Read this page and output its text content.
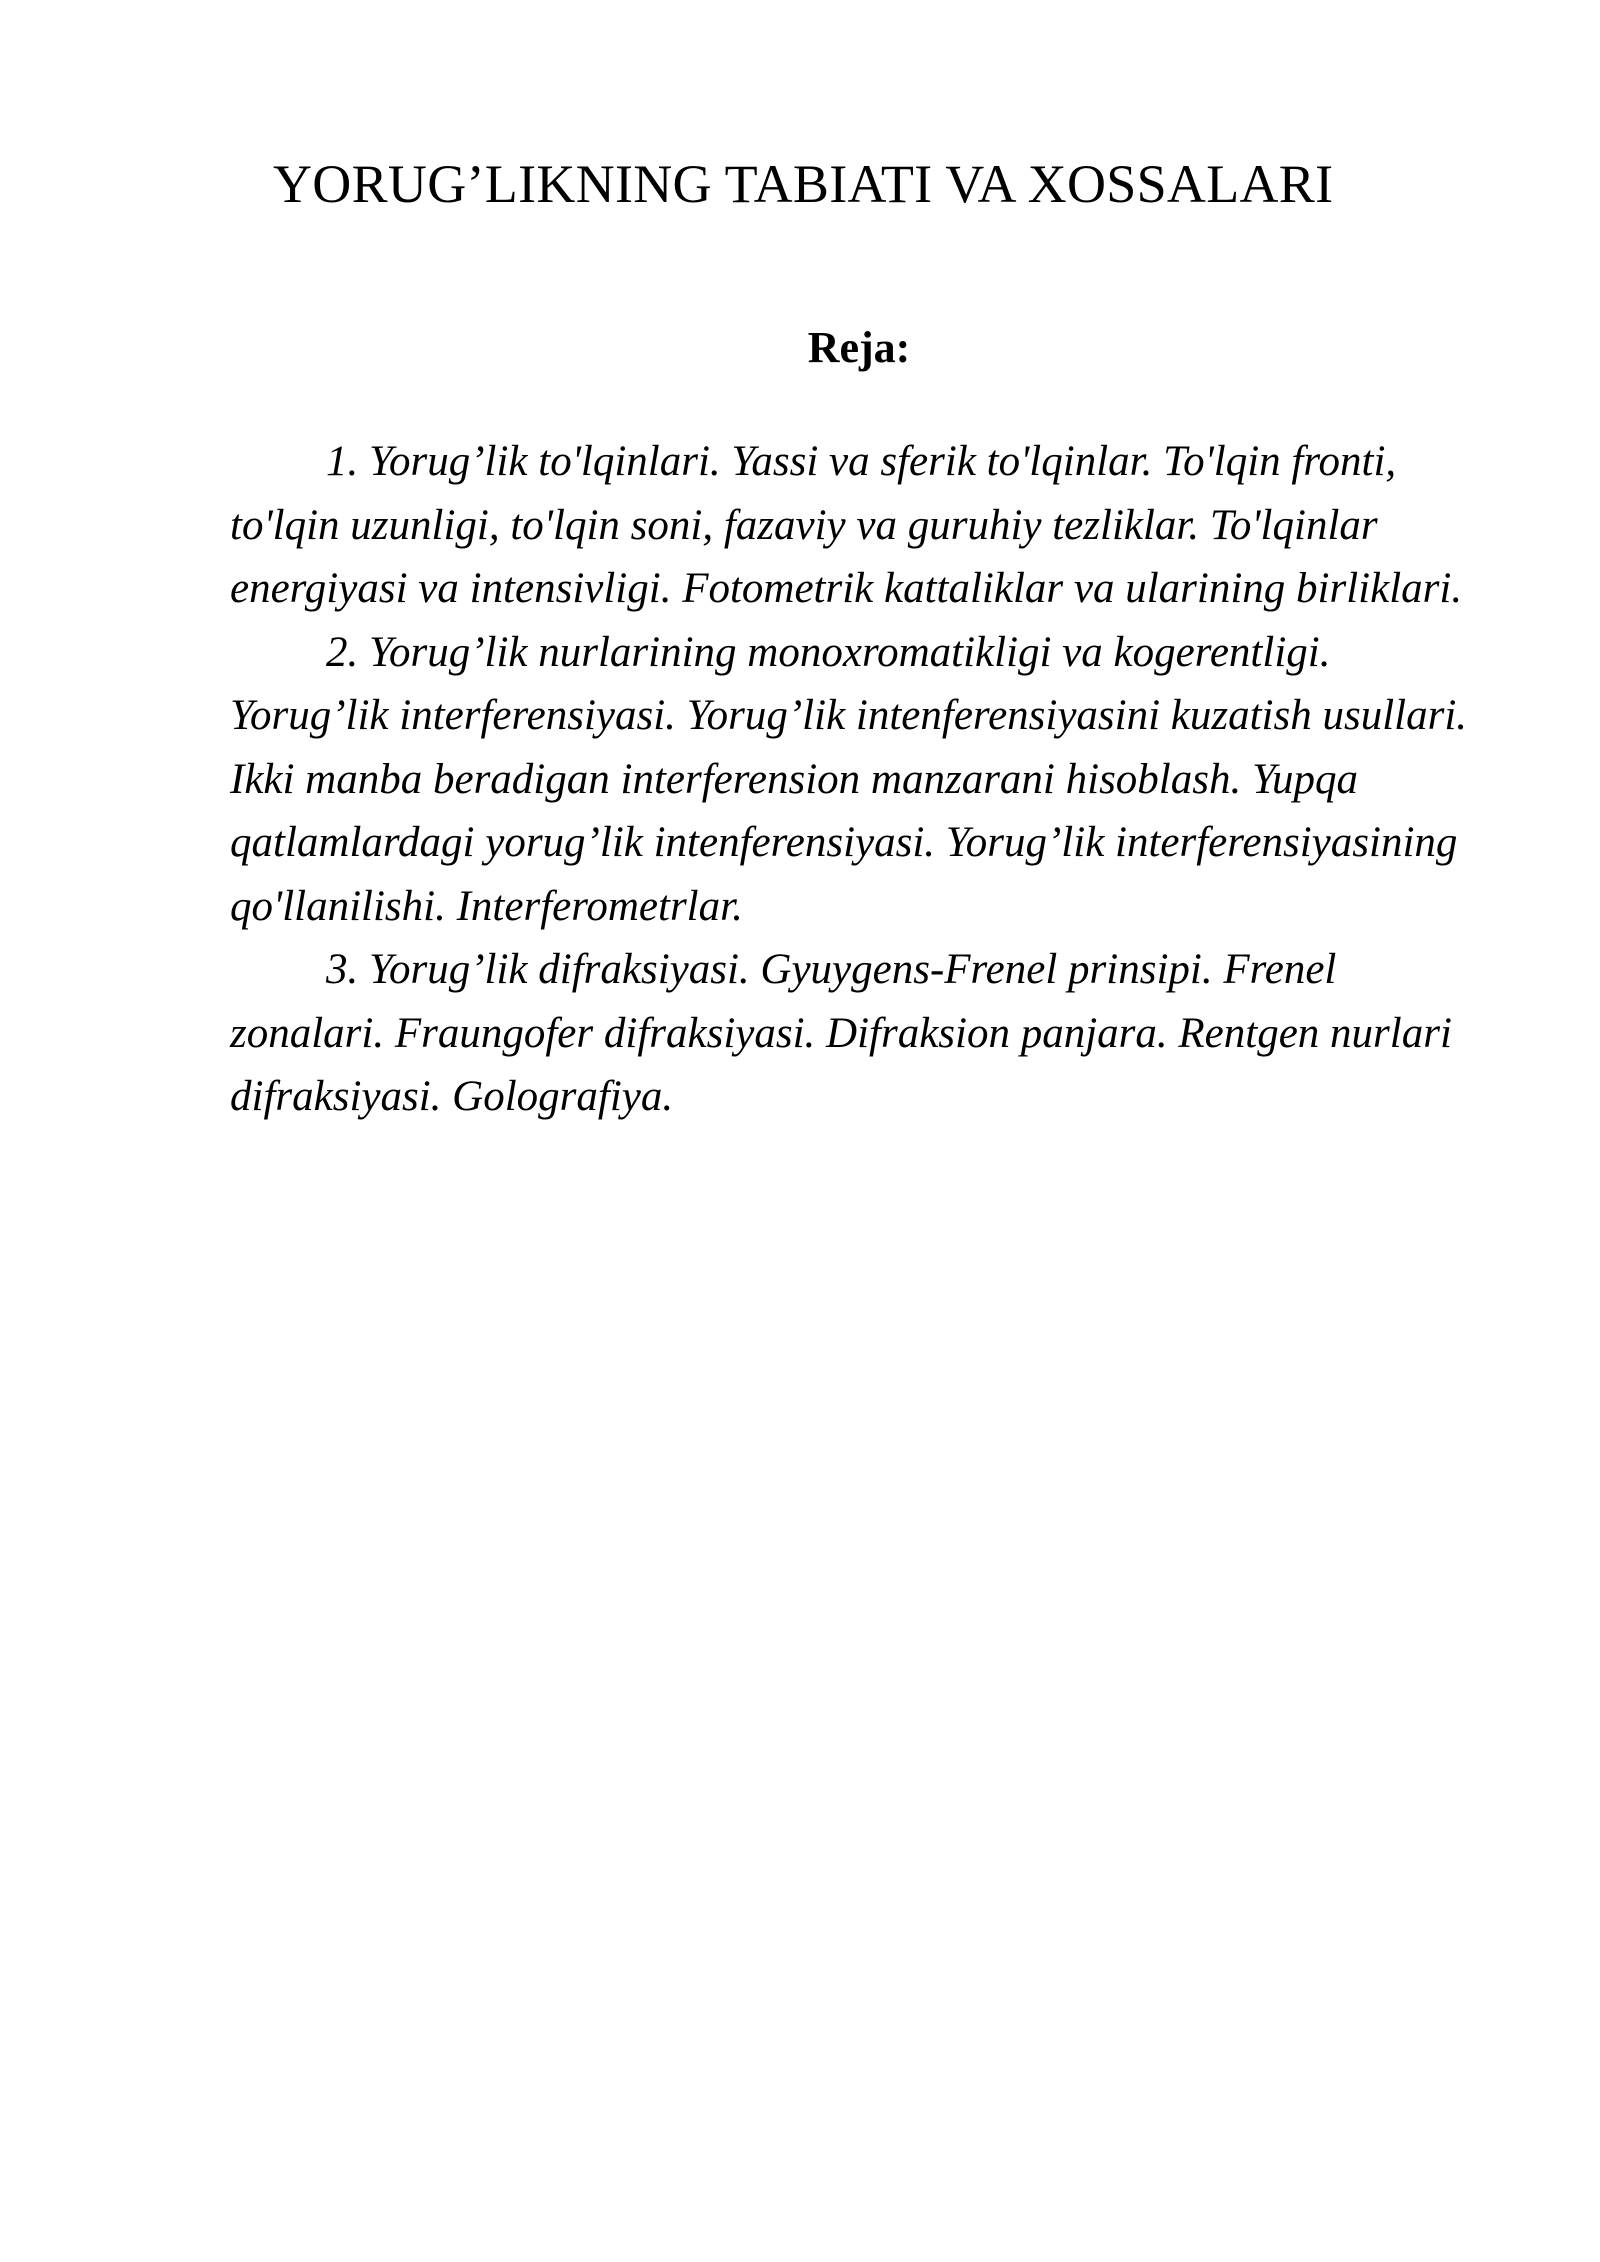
YORUG’LIKNING TABIATI VA XOSSALARI
Reja:

1. Yorug’lik to'lqinlari. Yassi va sferik to'lqinlar. To'lqin fronti, to'lqin uzunligi, to'lqin soni, fazaviy va guruhiy tezliklar. To'lqinlar energiyasi va intensivligi. Fotometrik kattaliklar va ularining birliklari.

2. Yorug’lik nurlarining monoxromatikligi va kogerentligi. Yorug’lik interferensiyasi. Yorug’lik intenferensiyasini kuzatish usullari. Ikki manba beradigan interferension manzarani hisoblash. Yupqa qatlamlardagi yorug’lik intenferensiyasi. Yorug’lik interferensiyasining qo'llanilishi. Interferometrlar.

3. Yorug’lik difraksiyasi. Gyuygens-Frenel prinsipi. Frenel zonalari. Fraungofer difraksiyasi. Difraksion panjara. Rentgen nurlari difraksiyasi. Golografiya.
